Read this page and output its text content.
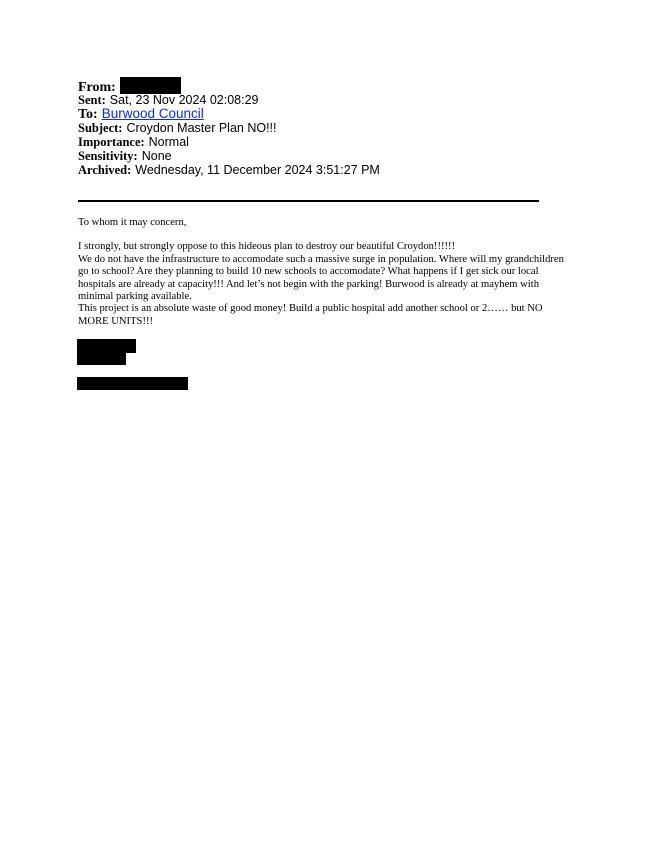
From:
Sent: Sat, 23 Nov 2024 02:08:29
To: Burwood Council
Subject: Croydon Master Plan NO!!!
Importance: Normal
Sensitivity: None
Archived: Wednesday, 11 December 2024 3:51:27 PM

To whom it may concern,

I strongly, but strongly oppose to this hideous plan to destroy our beautiful Croydon!!!!!!

We do not have the infrastructure to accomodate such a massive surge in population. Where will my grandchildren

go to school? Are they planning to build 10 new schools to accomodate? What happens if I get sick our local

hospitals are already at capacity!!! And let’s not begin with the parking! Burwood is already at mayhem with

minimal parking available.

This project is an absolute waste of good money! Build a public hospital add another school or 2…… but NO

MORE UNITS!!!
